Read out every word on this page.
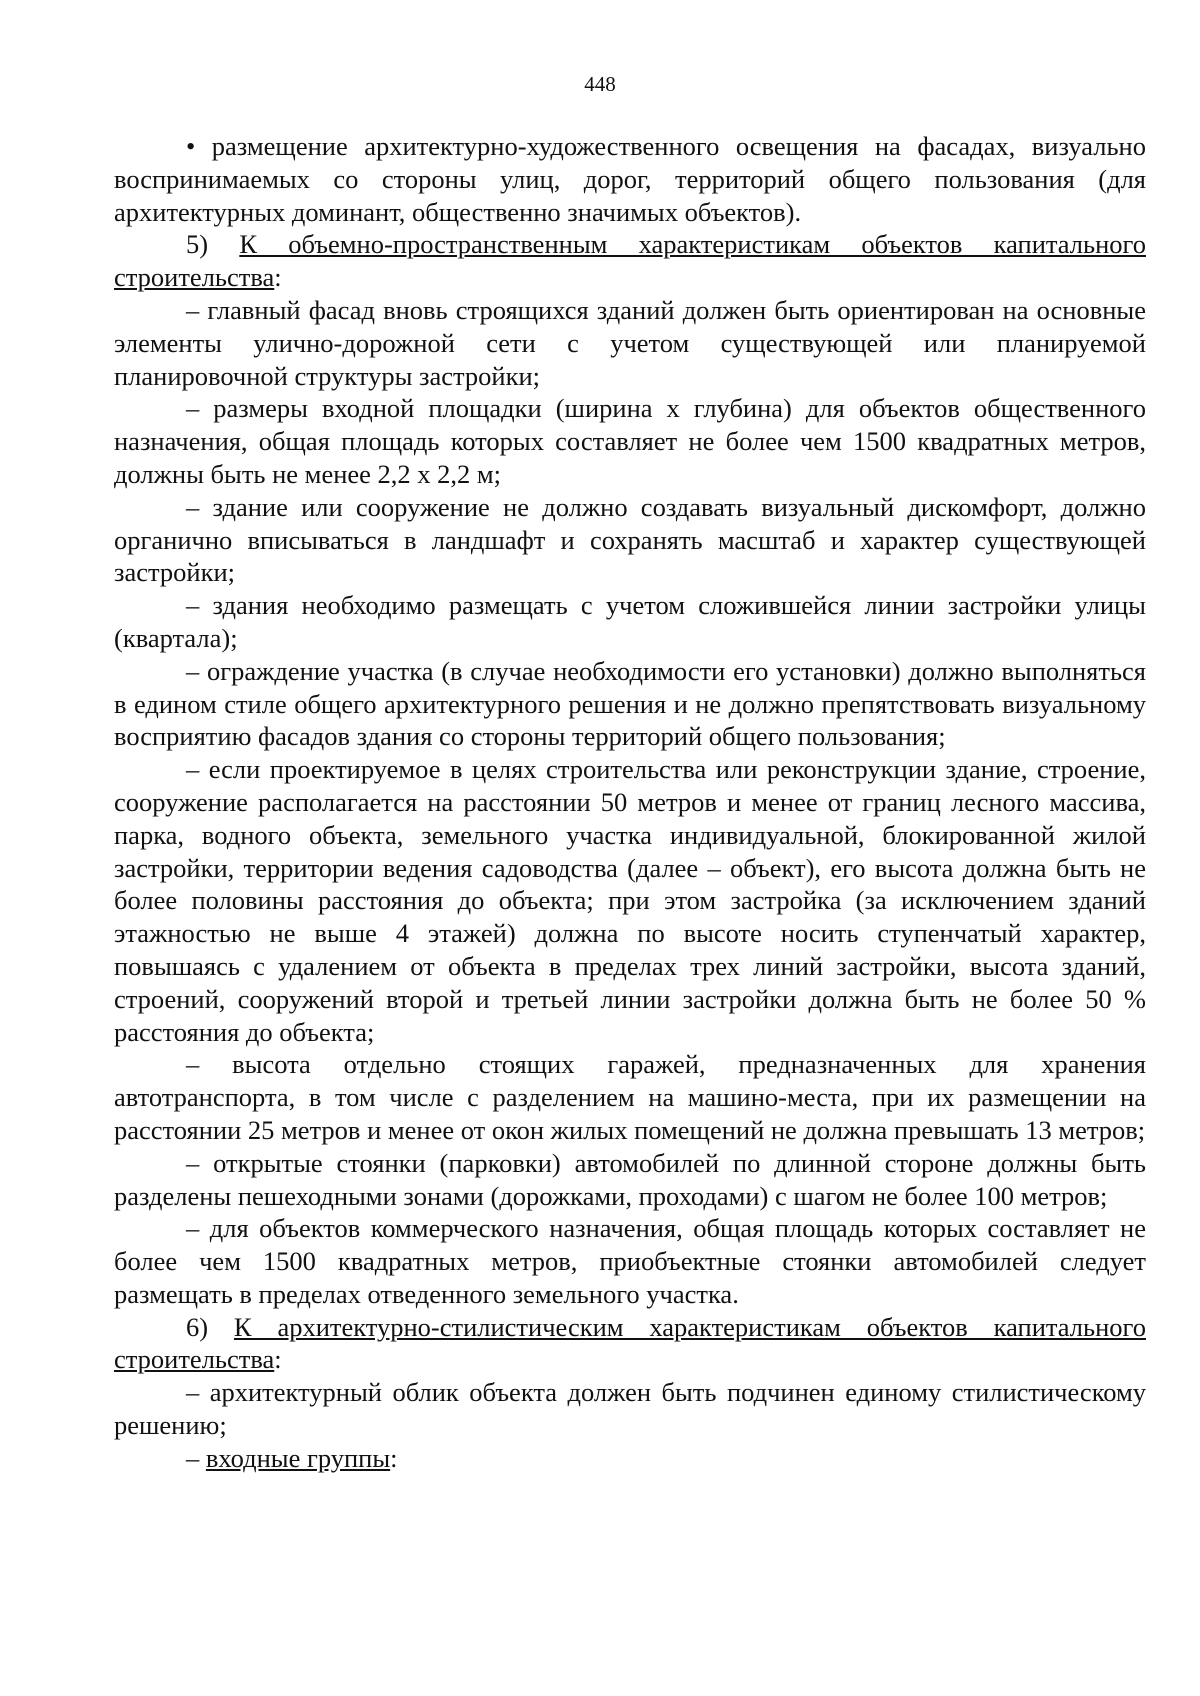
448

• размещение архитектурно-художественного освещения на фасадах, визуально воспринимаемых со стороны улиц, дорог, территорий общего пользования (для архитектурных доминант, общественно значимых объектов).

5) К объемно-пространственным характеристикам объектов капитального строительства:

– главный фасад вновь строящихся зданий должен быть ориентирован на основные элементы улично-дорожной сети с учетом существующей или планируемой планировочной структуры застройки;

– размеры входной площадки (ширина х глубина) для объектов общественного назначения, общая площадь которых составляет не более чем 1500 квадратных метров, должны быть не менее 2,2 х 2,2 м;

– здание или сооружение не должно создавать визуальный дискомфорт, должно органично вписываться в ландшафт и сохранять масштаб и характер существующей застройки;

– здания необходимо размещать с учетом сложившейся линии застройки улицы (квартала);

– ограждение участка (в случае необходимости его установки) должно выполняться в едином стиле общего архитектурного решения и не должно препятствовать визуальному восприятию фасадов здания со стороны территорий общего пользования;

– если проектируемое в целях строительства или реконструкции здание, строение, сооружение располагается на расстоянии 50 метров и менее от границ лесного массива, парка, водного объекта, земельного участка индивидуальной, блокированной жилой застройки, территории ведения садоводства (далее – объект), его высота должна быть не более половины расстояния до объекта; при этом застройка (за исключением зданий этажностью не выше 4 этажей) должна по высоте носить ступенчатый характер, повышаясь с удалением от объекта в пределах трех линий застройки, высота зданий, строений, сооружений второй и третьей линии застройки должна быть не более 50 % расстояния до объекта;

– высота отдельно стоящих гаражей, предназначенных для хранения автотранспорта, в том числе с разделением на машино-места, при их размещении на расстоянии 25 метров и менее от окон жилых помещений не должна превышать 13 метров;

– открытые стоянки (парковки) автомобилей по длинной стороне должны быть разделены пешеходными зонами (дорожками, проходами) с шагом не более 100 метров;

– для объектов коммерческого назначения, общая площадь которых составляет не более чем 1500 квадратных метров, приобъектные стоянки автомобилей следует размещать в пределах отведенного земельного участка.

6) К архитектурно-стилистическим характеристикам объектов капитального строительства:

– архитектурный облик объекта должен быть подчинен единому стилистическому решению;

– входные группы:
